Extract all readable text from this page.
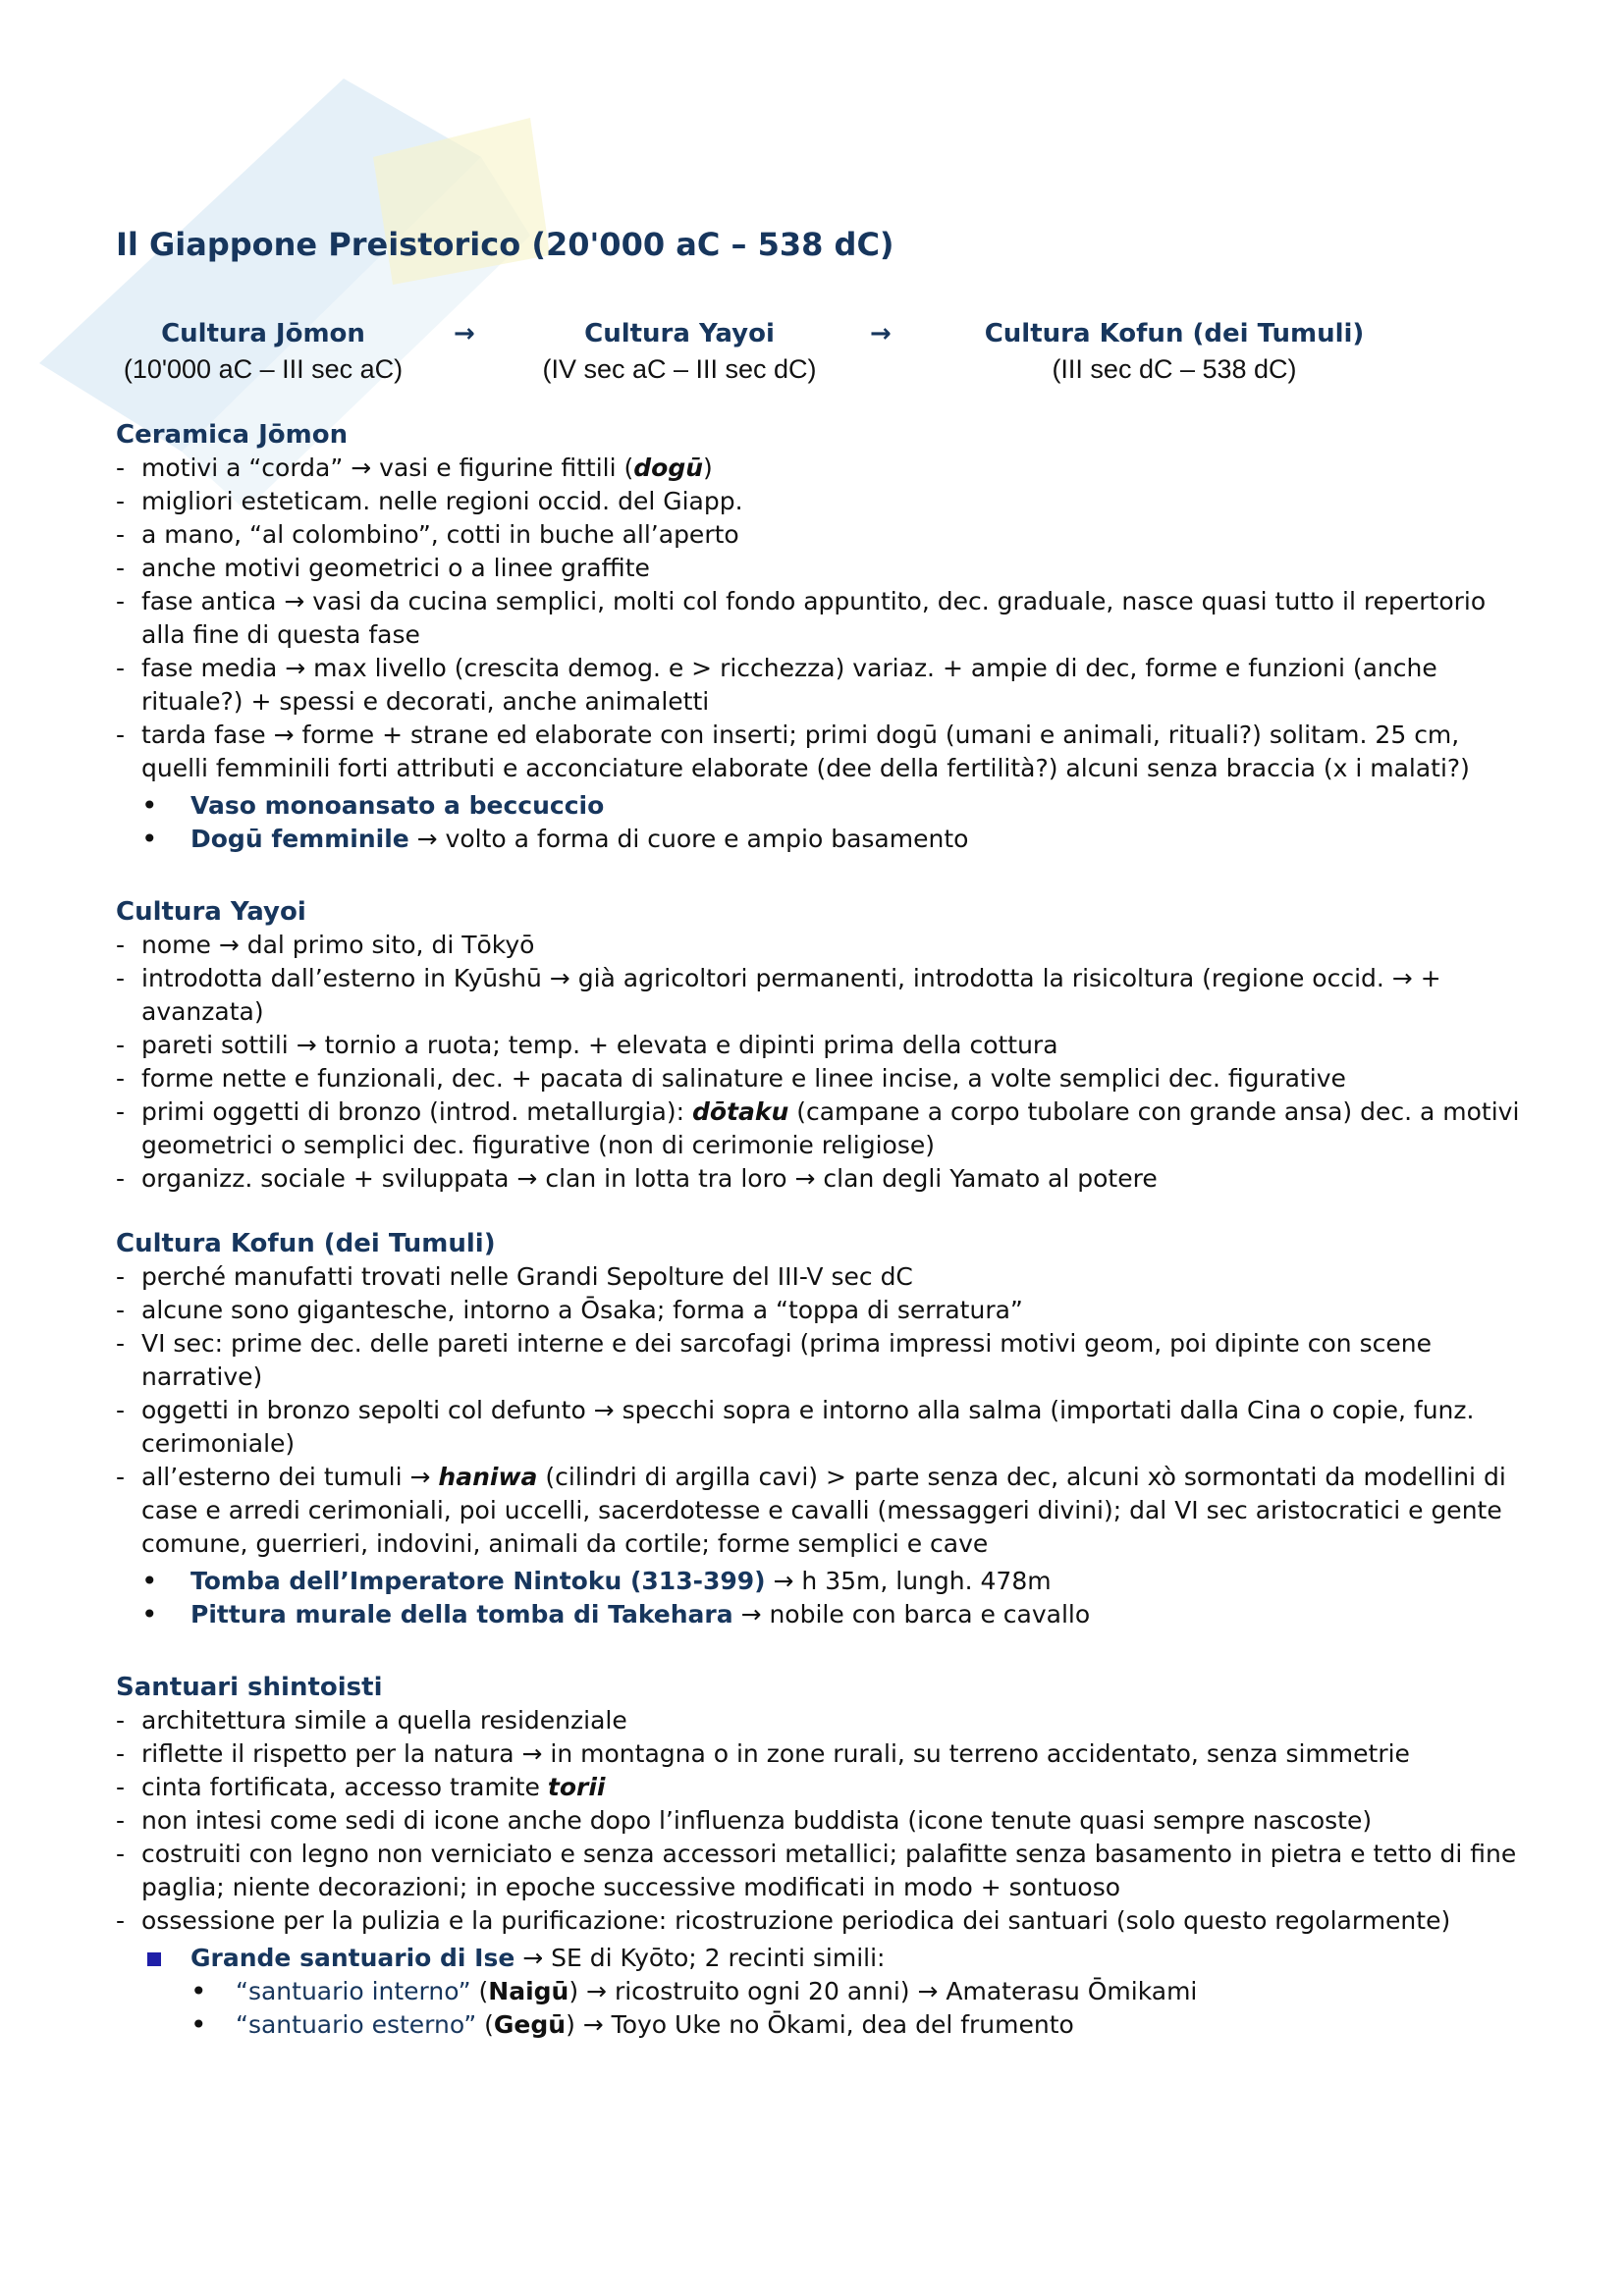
Il Giappone Preistorico (20'000 aC – 538 dC)
Cultura Jōmon
(10'000 aC – III sec aC)
→	Cultura Yayoi
(IV sec aC – III sec dC)
→	Cultura Kofun (dei Tumuli)
(III sec dC – 538 dC)
Ceramica Jōmon
- motivi a “corda” → vasi e figurine fittili (dogū)
- migliori esteticam. nelle regioni occid. del Giapp.
- a mano, “al colombino”, cotti in buche all’aperto
- anche motivi geometrici o a linee graffite
- fase antica → vasi da cucina semplici, molti col fondo appuntito, dec. graduale, nasce quasi tutto il repertorio alla fine di questa fase
- fase media → max livello (crescita demog. e > ricchezza) variaz. + ampie di dec, forme e funzioni (anche rituale?) + spessi e decorati, anche animaletti
- tarda fase → forme + strane ed elaborate con inserti; primi dogū (umani e animali, rituali?) solitam. 25 cm, quelli femminili forti attributi e acconciature elaborate (dee della fertilità?) alcuni senza braccia (x i malati?)
• Vaso monoansato a beccuccio
• Dogū femminile → volto a forma di cuore e ampio basamento
Cultura Yayoi
- nome → dal primo sito, di Tōkyō
- introdotta dall’esterno in Kyūshū → già agricoltori permanenti, introdotta la risicoltura (regione occid. → + avanzata)
- pareti sottili → tornio a ruota; temp. + elevata e dipinti prima della cottura
- forme nette e funzionali, dec. + pacata di salinature e linee incise, a volte semplici dec. figurative
- primi oggetti di bronzo (introd. metallurgia): dōtaku (campane a corpo tubolare con grande ansa) dec. a motivi geometrici o semplici dec. figurative (non di cerimonie religiose)
- organizz. sociale + sviluppata → clan in lotta tra loro → clan degli Yamato al potere
Cultura Kofun (dei Tumuli)
- perché manufatti trovati nelle Grandi Sepolture del III-V sec dC
- alcune sono gigantesche, intorno a Ōsaka; forma a “toppa di serratura”
- VI sec: prime dec. delle pareti interne e dei sarcofagi (prima impressi motivi geom, poi dipinte con scene narrative)
- oggetti in bronzo sepolti col defunto → specchi sopra e intorno alla salma (importati dalla Cina o copie, funz. cerimoniale)
- all’esterno dei tumuli → haniwa (cilindri di argilla cavi) > parte senza dec, alcuni xò sormontati da modellini di case e arredi cerimoniali, poi uccelli, sacerdotesse e cavalli (messaggeri divini); dal VI sec aristocratici e gente comune, guerrieri, indovini, animali da cortile; forme semplici e cave
• Tomba dell’Imperatore Nintoku (313-399) → h 35m, lungh. 478m
• Pittura murale della tomba di Takehara → nobile con barca e cavallo
Santuari shintoisti
- architettura simile a quella residenziale
- riflette il rispetto per la natura → in montagna o in zone rurali, su terreno accidentato, senza simmetrie
- cinta fortificata, accesso tramite torii
- non intesi come sedi di icone anche dopo l’influenza buddista (icone tenute quasi sempre nascoste)
- costruiti con legno non verniciato e senza accessori metallici; palafitte senza basamento in pietra e tetto di fine paglia; niente decorazioni; in epoche successive modificati in modo + sontuoso
- ossessione per la pulizia e la purificazione: ricostruzione periodica dei santuari (solo questo regolarmente)
Grande santuario di Ise → SE di Kyōto; 2 recinti simili:
• “santuario interno” (Naigū) → ricostruito ogni 20 anni) → Amaterasu Ōmikami
• “santuario esterno” (Gegū) → Toyo Uke no Ōkami, dea del frumento
